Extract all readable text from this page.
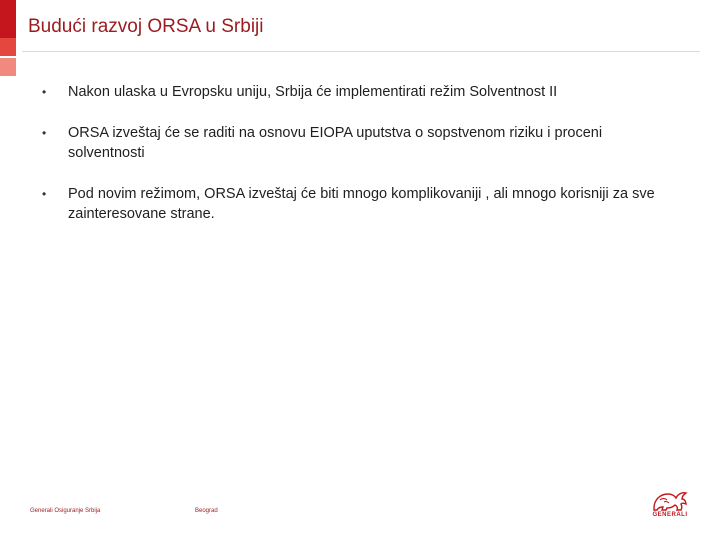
Budući razvoj ORSA u Srbiji
• Nakon ulaska u Evropsku uniju, Srbija će implementirati režim Solventnost II
• ORSA izveštaj će se raditi na osnovu EIOPA uputstva o sopstvenom riziku i proceni solventnosti
• Pod novim režimom, ORSA izveštaj će biti mnogo komplikovaniji , ali mnogo korisniji za sve zainteresovane strane.
Generali Osiguranje Srbija	Beograd
GENERALI
